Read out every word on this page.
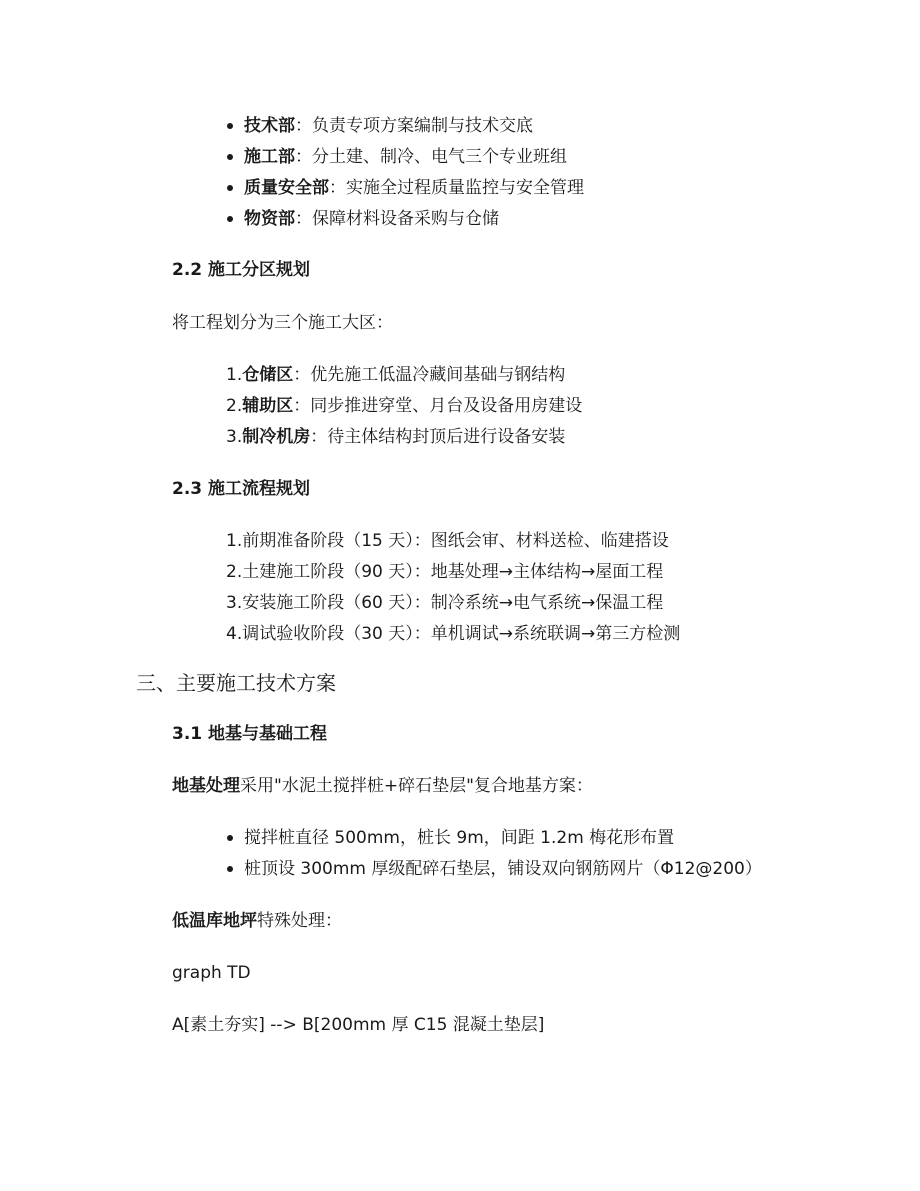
技术部：负责专项方案编制与技术交底
施工部：分土建、制冷、电气三个专业班组
质量安全部：实施全过程质量监控与安全管理
物资部：保障材料设备采购与仓储
2.2 施工分区规划
将工程划分为三个施工大区：
1.仓储区：优先施工低温冷藏间基础与钢结构
2.辅助区：同步推进穿堂、月台及设备用房建设
3.制冷机房：待主体结构封顶后进行设备安装
2.3 施工流程规划
1.前期准备阶段（15 天）：图纸会审、材料送检、临建搭设
2.土建施工阶段（90 天）：地基处理→主体结构→屋面工程
3.安装施工阶段（60 天）：制冷系统→电气系统→保温工程
4.调试验收阶段（30 天）：单机调试→系统联调→第三方检测
三、主要施工技术方案
3.1 地基与基础工程
地基处理采用"水泥土搅拌桩+碎石垫层"复合地基方案：
搅拌桩直径 500mm，桩长 9m，间距 1.2m 梅花形布置
桩顶设 300mm 厚级配碎石垫层，铺设双向钢筋网片（Φ12@200）
低温库地坪特殊处理：
graph TD
A[素土夯实] --> B[200mm 厚 C15 混凝土垫层]
